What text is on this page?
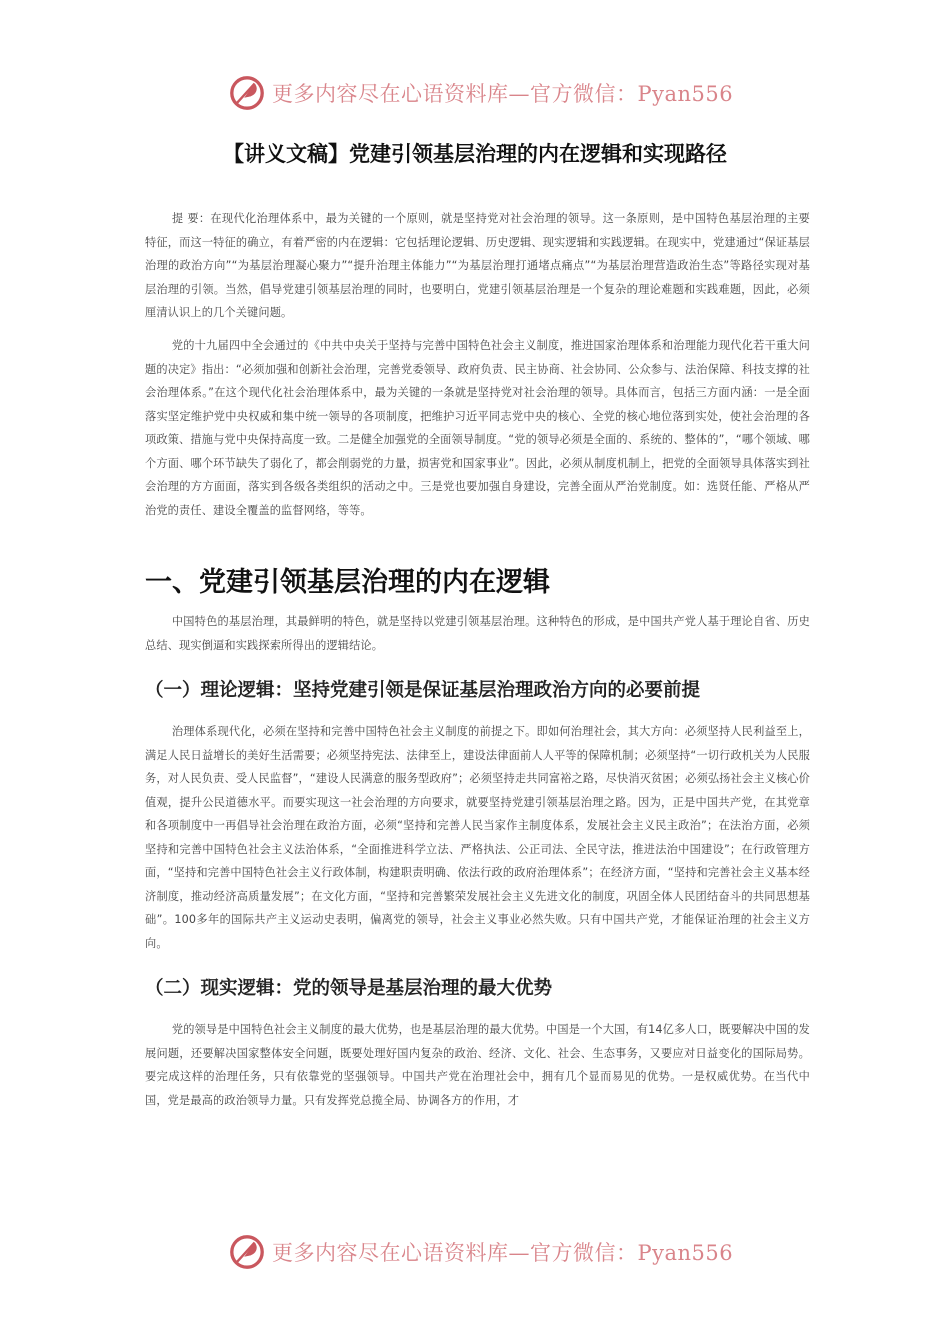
更多内容尽在心语资料库—官方微信：Pyan556
【讲义文稿】党建引领基层治理的内在逻辑和实现路径

提 要：在现代化治理体系中，最为关键的一个原则，就是坚持党对社会治理的领导。这一条原则，是中国特色基层治理的主要特征，而这一特征的确立，有着严密的内在逻辑：它包括理论逻辑、历史逻辑、现实逻辑和实践逻辑。在现实中，党建通过“保证基层治理的政治方向”“为基层治理凝心聚力”“提升治理主体能力”“为基层治理打通堵点痛点”“为基层治理营造政治生态”等路径实现对基层治理的引领。当然，倡导党建引领基层治理的同时，也要明白，党建引领基层治理是一个复杂的理论难题和实践难题，因此，必须厘清认识上的几个关键问题。

党的十九届四中全会通过的《中共中央关于坚持与完善中国特色社会主义制度，推进国家治理体系和治理能力现代化若干重大问题的决定》指出：“必须加强和创新社会治理，完善党委领导、政府负责、民主协商、社会协同、公众参与、法治保障、科技支撑的社会治理体系。”在这个现代化社会治理体系中，最为关键的一条就是坚持党对社会治理的领导。具体而言，包括三方面内涵：一是全面落实坚定维护党中央权威和集中统一领导的各项制度，把维护习近平同志党中央的核心、全党的核心地位落到实处，使社会治理的各项政策、措施与党中央保持高度一致。二是健全加强党的全面领导制度。“党的领导必须是全面的、系统的、整体的”，“哪个领域、哪个方面、哪个环节缺失了弱化了，都会削弱党的力量，损害党和国家事业”。因此，必须从制度机制上，把党的全面领导具体落实到社会治理的方方面面，落实到各级各类组织的活动之中。三是党也要加强自身建设，完善全面从严治党制度。如：选贤任能、严格从严治党的责任、建设全覆盖的监督网络，等等。

一、党建引领基层治理的内在逻辑

中国特色的基层治理，其最鲜明的特色，就是坚持以党建引领基层治理。这种特色的形成，是中国共产党人基于理论自省、历史总结、现实倒逼和实践探索所得出的逻辑结论。

（一）理论逻辑：坚持党建引领是保证基层治理政治方向的必要前提

治理体系现代化，必须在坚持和完善中国特色社会主义制度的前提之下。即如何治理社会，其大方向：必须坚持人民利益至上，满足人民日益增长的美好生活需要；必须坚持宪法、法律至上，建设法律面前人人平等的保障机制；必须坚持“一切行政机关为人民服务，对人民负责、受人民监督”，“建设人民满意的服务型政府”；必须坚持走共同富裕之路，尽快消灭贫困；必须弘扬社会主义核心价值观，提升公民道德水平。而要实现这一社会治理的方向要求，就要坚持党建引领基层治理之路。因为，正是中国共产党，在其党章和各项制度中一再倡导社会治理在政治方面，必须“坚持和完善人民当家作主制度体系，发展社会主义民主政治”；在法治方面，必须坚持和完善中国特色社会主义法治体系，“全面推进科学立法、严格执法、公正司法、全民守法，推进法治中国建设”；在行政管理方面，“坚持和完善中国特色社会主义行政体制，构建职责明确、依法行政的政府治理体系”；在经济方面，“坚持和完善社会主义基本经济制度，推动经济高质量发展”；在文化方面，“坚持和完善繁荣发展社会主义先进文化的制度，巩固全体人民团结奋斗的共同思想基础”。100多年的国际共产主义运动史表明，偏离党的领导，社会主义事业必然失败。只有中国共产党，才能保证治理的社会主义方向。

（二）现实逻辑：党的领导是基层治理的最大优势

党的领导是中国特色社会主义制度的最大优势，也是基层治理的最大优势。中国是一个大国，有14亿多人口，既要解决中国的发展问题，还要解决国家整体安全问题，既要处理好国内复杂的政治、经济、文化、社会、生态事务，又要应对日益变化的国际局势。要完成这样的治理任务，只有依靠党的坚强领导。中国共产党在治理社会中，拥有几个显而易见的优势。一是权威优势。在当代中国，党是最高的政治领导力量。只有发挥党总揽全局、协调各方的作用，才

更多内容尽在心语资料库—官方微信：Pyan556
